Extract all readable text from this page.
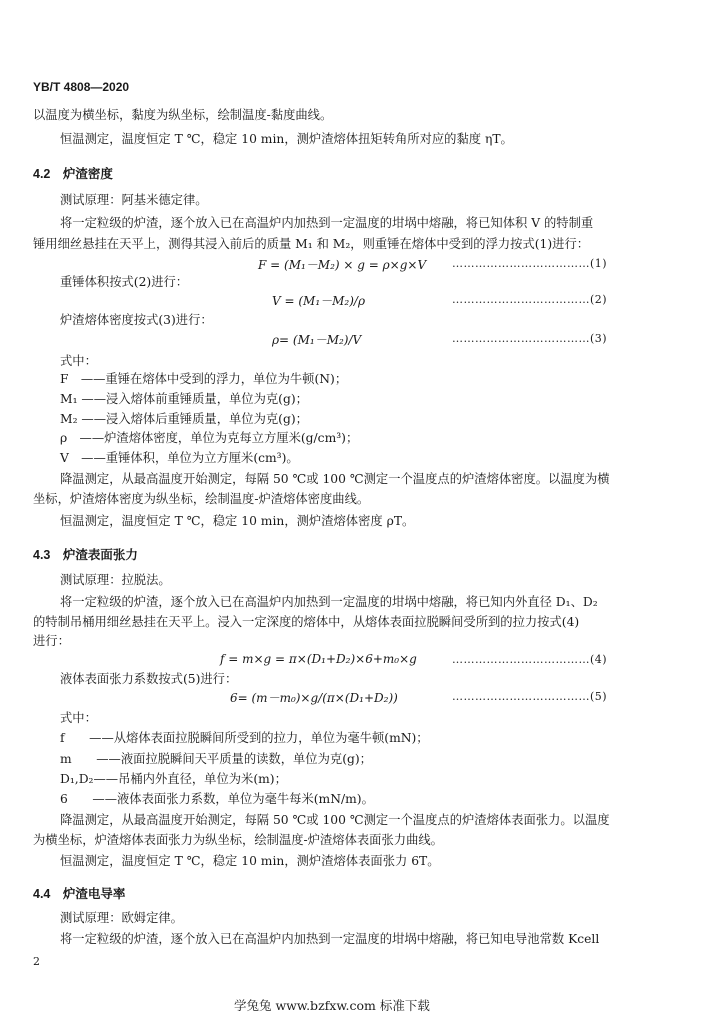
YB/T 4808—2020
以温度为横坐标，黏度为纵坐标，绘制温度-黏度曲线。
恒温测定，温度恒定 T ℃，稳定 10 min，测炉渣熔体扭矩转角所对应的黏度 ηT。
4.2　炉渣密度
测试原理：阿基米德定律。
将一定粒级的炉渣，逐个放入已在高温炉内加热到一定温度的坩埚中熔融，将已知体积 V 的特制重
锤用细丝悬挂在天平上，测得其浸入前后的质量 M₁ 和 M₂，则重锤在熔体中受到的浮力按式(1)进行：
F = (M₁－M₂) × g = ρ×g×V ………………………………(1)
重锤体积按式(2)进行：
V = (M₁－M₂)/ρ	………………………………(2)
炉渣熔体密度按式(3)进行：
ρ= (M₁－M₂)/V	………………………………(3)
式中：
F　——重锤在熔体中受到的浮力，单位为牛顿(N)；
M₁ ——浸入熔体前重锤质量，单位为克(g)；
M₂ ——浸入熔体后重锤质量，单位为克(g)；
ρ　——炉渣熔体密度，单位为克每立方厘米(g/cm³)；
V　——重锤体积，单位为立方厘米(cm³)。
降温测定，从最高温度开始测定，每隔 50 ℃或 100 ℃测定一个温度点的炉渣熔体密度。以温度为横
坐标，炉渣熔体密度为纵坐标，绘制温度-炉渣熔体密度曲线。
恒温测定，温度恒定 T ℃，稳定 10 min，测炉渣熔体密度 ρT。
4.3　炉渣表面张力
测试原理：拉脱法。
将一定粒级的炉渣，逐个放入已在高温炉内加热到一定温度的坩埚中熔融，将已知内外直径 D₁、D₂
的特制吊桶用细丝悬挂在天平上。浸入一定深度的熔体中，从熔体表面拉脱瞬间受所到的拉力按式(4)
进行：
f = m×g = π×(D₁+D₂)×6+m₀×g	………………………………(4)
液体表面张力系数按式(5)进行：
6= (m－m₀)×g/(π×(D₁+D₂))	………………………………(5)
式中：
f　　——从熔体表面拉脱瞬间所受到的拉力，单位为毫牛顿(mN)；
m　　——液面拉脱瞬间天平质量的读数，单位为克(g)；
D₁,D₂——吊桶内外直径，单位为米(m)；
6　　——液体表面张力系数，单位为毫牛每米(mN/m)。
降温测定，从最高温度开始测定，每隔 50 ℃或 100 ℃测定一个温度点的炉渣熔体表面张力。以温度
为横坐标，炉渣熔体表面张力为纵坐标，绘制温度-炉渣熔体表面张力曲线。
恒温测定，温度恒定 T ℃，稳定 10 min，测炉渣熔体表面张力 6T。
4.4　炉渣电导率
测试原理：欧姆定律。
将一定粒级的炉渣，逐个放入已在高温炉内加热到一定温度的坩埚中熔融，将已知电导池常数 Kcell
2
学兔兔 www.bzfxw.com 标准下载
